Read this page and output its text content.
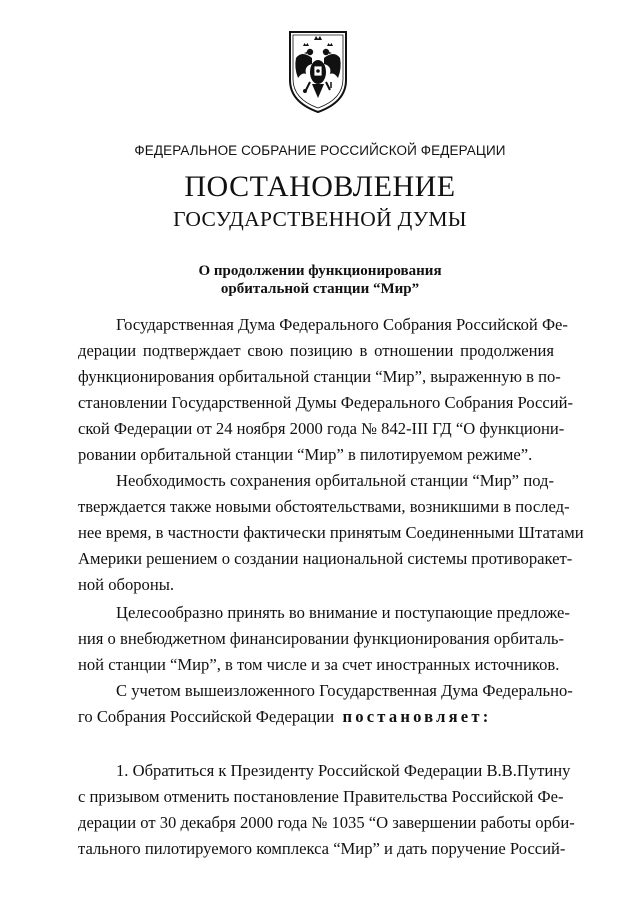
ФЕДЕРАЛЬНОЕ СОБРАНИЕ РОССИЙСКОЙ ФЕДЕРАЦИИ
ПОСТАНОВЛЕНИЕ
ГОСУДАРСТВЕННОЙ ДУМЫ
О продолжении функционирования
орбитальной станции “Мир”
Государственная Дума Федерального Собрания Российской Фе-
дерации подтверждает свою позицию в отношении продолжения
функционирования орбитальной станции “Мир”, выраженную в по-
становлении Государственной Думы Федерального Собрания Россий-
ской Федерации от 24 ноября 2000 года № 842-III ГД “О функциони-
ровании орбитальной станции “Мир” в пилотируемом режиме”.
Необходимость сохранения орбитальной станции “Мир” под-
тверждается также новыми обстоятельствами, возникшими в послед-
нее время, в частности фактически принятым Соединенными Штатами
Америки решением о создании национальной системы противоракет-
ной обороны.
Целесообразно принять во внимание и поступающие предложе-
ния о внебюджетном финансировании функционирования орбиталь-
ной станции “Мир”, в том числе и за счет иностранных источников.
С учетом вышеизложенного Государственная Дума Федерально-
го Собрания Российской Федерации постановляет:
1. Обратиться к Президенту Российской Федерации В.В.Путину
с призывом отменить постановление Правительства Российской Фе-
дерации от 30 декабря 2000 года № 1035 “О завершении работы орби-
тального пилотируемого комплекса “Мир” и дать поручение Россий-
